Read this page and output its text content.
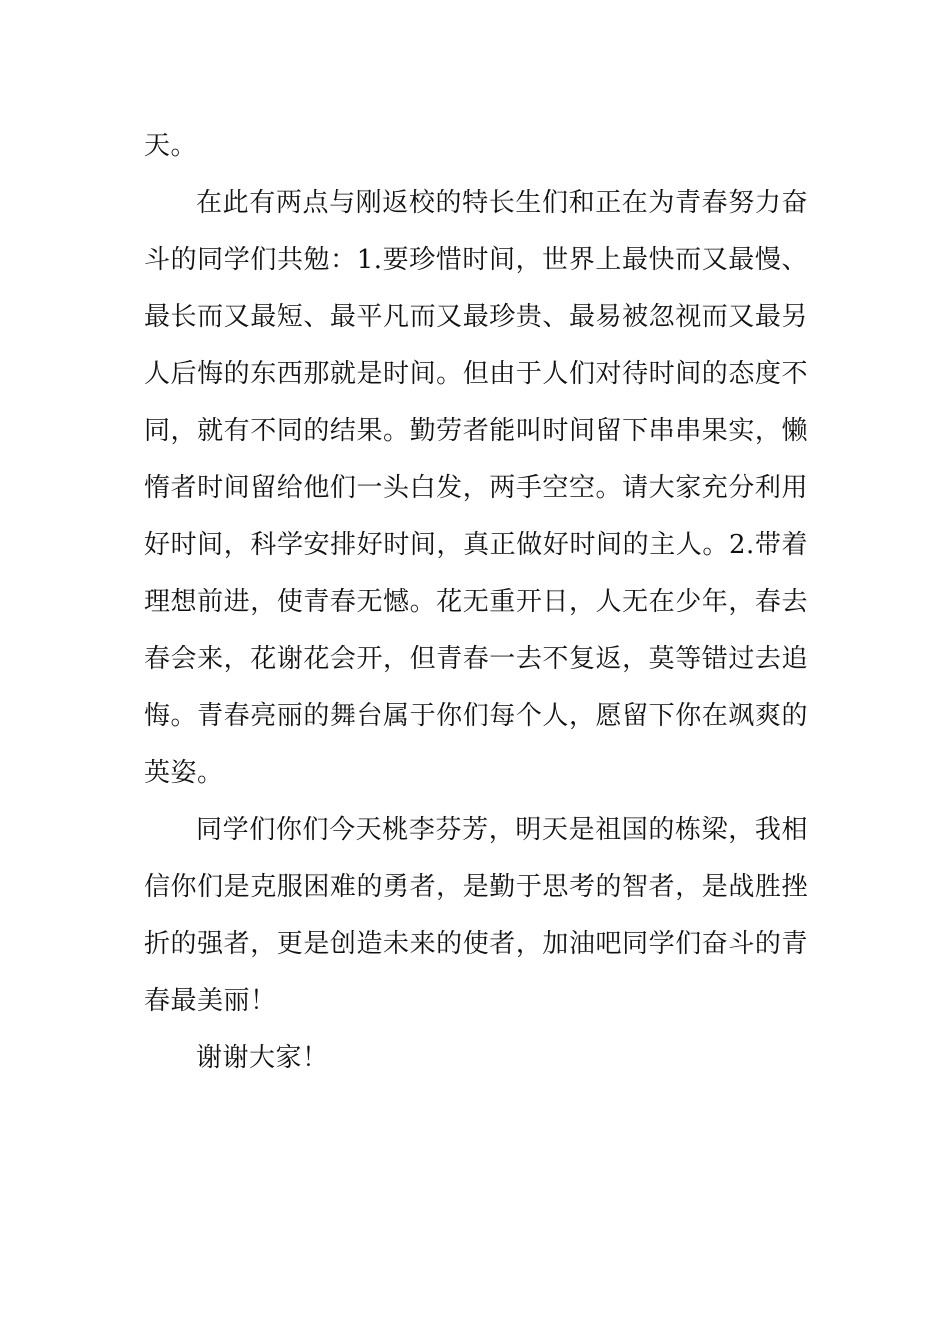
天。

在此有两点与刚返校的特长生们和正在为青春努力奋斗的同学们共勉：1.要珍惜时间，世界上最快而又最慢、最长而又最短、最平凡而又最珍贵、最易被忽视而又最另人后悔的东西那就是时间。但由于人们对待时间的态度不同，就有不同的结果。勤劳者能叫时间留下串串果实，懒惰者时间留给他们一头白发，两手空空。请大家充分利用好时间，科学安排好时间，真正做好时间的主人。2.带着理想前进，使青春无憾。花无重开日，人无在少年，春去春会来，花谢花会开，但青春一去不复返，莫等错过去追悔。青春亮丽的舞台属于你们每个人，愿留下你在飒爽的英姿。

同学们你们今天桃李芬芳，明天是祖国的栋梁，我相信你们是克服困难的勇者，是勤于思考的智者，是战胜挫折的强者，更是创造未来的使者，加油吧同学们奋斗的青春最美丽！

谢谢大家！
